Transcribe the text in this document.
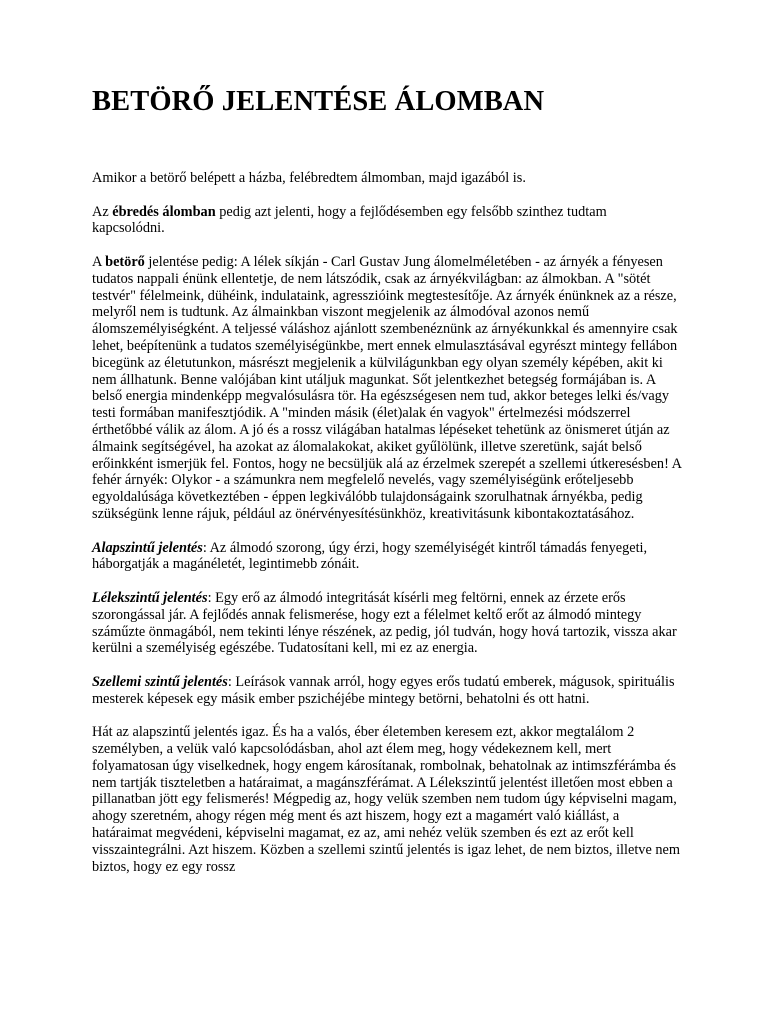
BETÖRŐ JELENTÉSE ÁLOMBAN

Amikor a betörő belépett a házba, felébredtem álmomban, majd igazából is.

Az ébredés álomban pedig azt jelenti, hogy a fejlődésemben egy felsőbb szinthez tudtam kapcsolódni.

A betörő jelentése pedig: A lélek síkján - Carl Gustav Jung álomelméletében - az árnyék a fényesen tudatos nappali énünk ellentetje, de nem látszódik, csak az árnyékvilágban: az álmokban. A "sötét testvér" félelmeink, dühéink, indulataink, agresszióink megtestesítője. Az árnyék énünknek az a része, melyről nem is tudtunk. Az álmainkban viszont megjelenik az álmodóval azonos nemű álomszemélyiségként. A teljessé váláshoz ajánlott szembenéznünk az árnyékunkkal és amennyire csak lehet, beépítenünk a tudatos személyiségünkbe, mert ennek elmulasztásával egyrészt mintegy fellábon bicegünk az életutunkon, másrészt megjelenik a külvilágunkban egy olyan személy képében, akit ki nem állhatunk. Benne valójában kint utáljuk magunkat. Sőt jelentkezhet betegség formájában is. A belső energia mindenképp megvalósulásra tör. Ha egészségesen nem tud, akkor beteges lelki és/vagy testi formában manifesztjódik. A "minden másik (élet)alak én vagyok" értelmezési módszerrel érthetőbbé válik az álom. A jó és a rossz világában hatalmas lépéseket tehetünk az önismeret útján az álmaink segítségével, ha azokat az álomalakokat, akiket gyűlölünk, illetve szeretünk, saját belső erőinkként ismerjük fel. Fontos, hogy ne becsüljük alá az érzelmek szerepét a szellemi útkeresésben! A fehér árnyék: Olykor - a számunkra nem megfelelő nevelés, vagy személyiségünk erőteljesebb egyoldalúsága következtében - éppen legkiválóbb tulajdonságaink szorulhatnak árnyékba, pedig szükségünk lenne rájuk, például az önérvényesítésünkhöz, kreativitásunk kibontakoztatásához.

Alapszintű jelentés: Az álmodó szorong, úgy érzi, hogy személyiségét kintről támadás fenyegeti, háborgatják a magánéletét, legintimebb zónáit.

Lélekszintű jelentés: Egy erő az álmodó integritását kísérli meg feltörni, ennek az érzete erős szorongással jár. A fejlődés annak felismerése, hogy ezt a félelmet keltő erőt az álmodó mintegy száműzte önmagából, nem tekinti lénye részének, az pedig, jól tudván, hogy hová tartozik, vissza akar kerülni a személyiség egészébe. Tudatosítani kell, mi ez az energia.

Szellemi szintű jelentés: Leírások vannak arról, hogy egyes erős tudatú emberek, mágusok, spirituális mesterek képesek egy másik ember pszichéjébe mintegy betörni, behatolni és ott hatni.

Hát az alapszintű jelentés igaz. És ha a valós, éber életemben keresem ezt, akkor megtalálom 2 személyben, a velük való kapcsolódásban, ahol azt élem meg, hogy védekeznem kell, mert folyamatosan úgy viselkednek, hogy engem károsítanak, rombolnak, behatolnak az intimszférámba és nem tartják tiszteletben a határaimat, a magánszférámat. A Lélekszintű jelentést illetően most ebben a pillanatban jött egy felismerés! Mégpedig az, hogy velük szemben nem tudom úgy képviselni magam, ahogy szeretném, ahogy régen még ment és azt hiszem, hogy ezt a magamért való kiállást, a határaimat megvédeni, képviselni magamat, ez az, ami nehéz velük szemben és ezt az erőt kell visszaintegrálni. Azt hiszem. Közben a szellemi szintű jelentés is igaz lehet, de nem biztos, illetve nem biztos, hogy ez egy rossz
